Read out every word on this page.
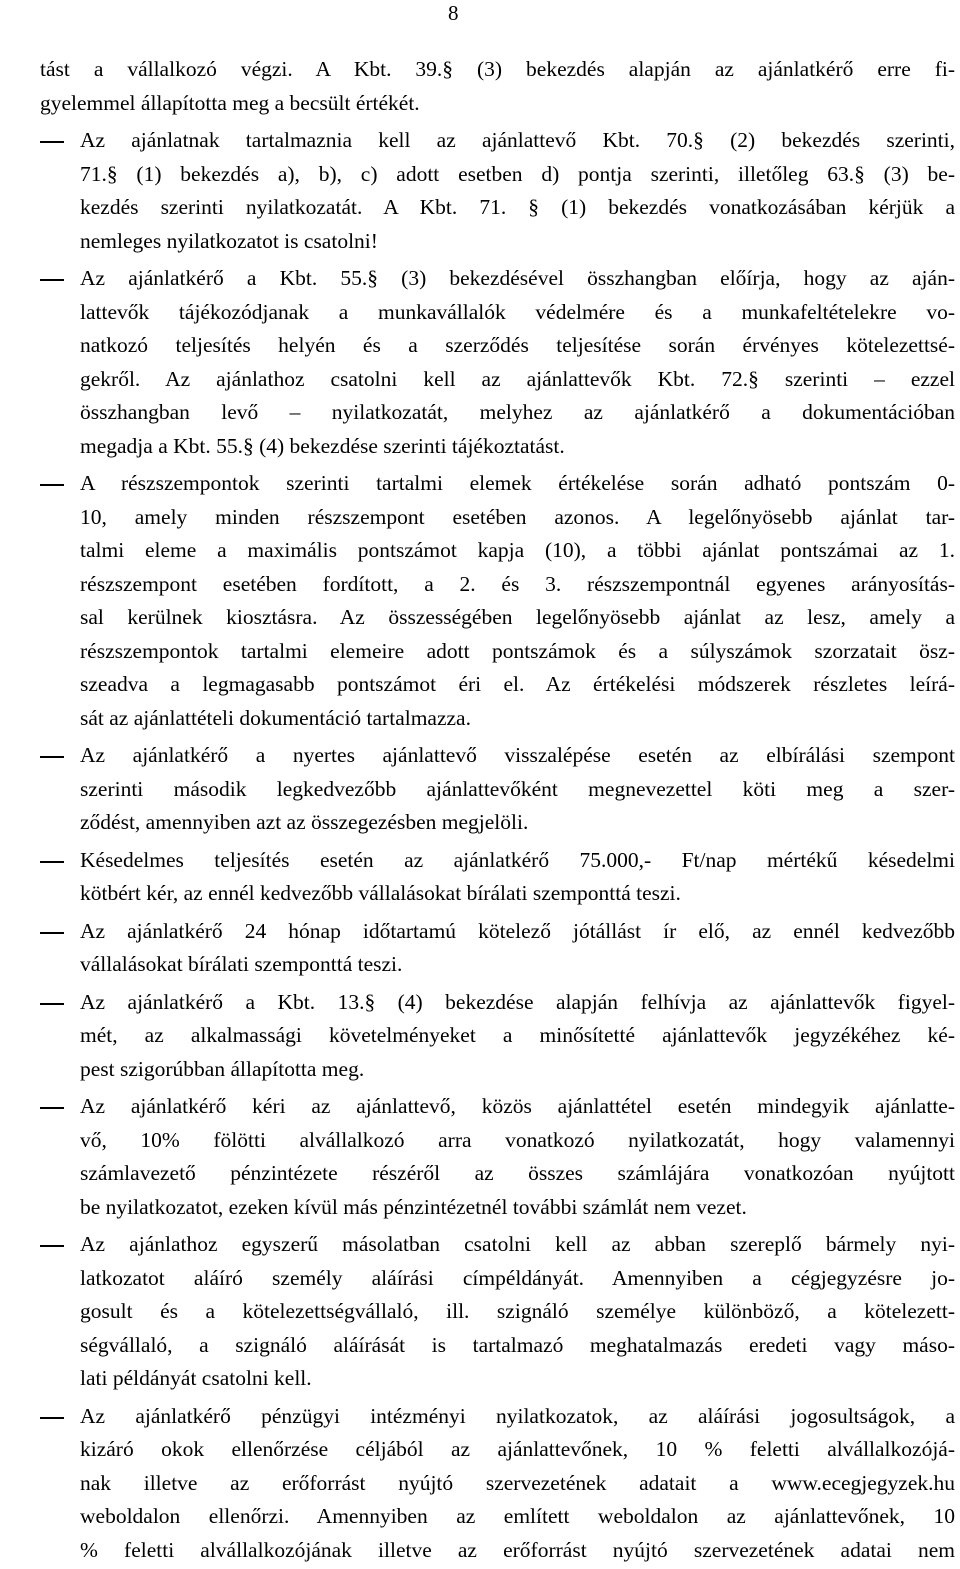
8
tást a vállalkozó végzi. A Kbt. 39.§ (3) bekezdés alapján az ajánlatkérő erre fi-
gyelemmel állapította meg a becsült értékét.
Az ajánlatnak tartalmaznia kell az ajánlattevő Kbt. 70.§ (2) bekezdés szerinti,
71.§ (1) bekezdés a), b), c) adott esetben d) pontja szerinti, illetőleg 63.§ (3) be-
kezdés szerinti nyilatkozatát. A Kbt. 71. § (1) bekezdés vonatkozásában kérjük a
nemleges nyilatkozatot is csatolni!
Az ajánlatkérő a Kbt. 55.§ (3) bekezdésével összhangban előírja, hogy az aján-
lattevők tájékozódjanak a munkavállalók védelmére és a munkafeltételekre vo-
natkozó teljesítés helyén és a szerződés teljesítése során érvényes kötelezettsé-
gekről. Az ajánlathoz csatolni kell az ajánlattevők Kbt. 72.§ szerinti – ezzel
összhangban levő – nyilatkozatát, melyhez az ajánlatkérő a dokumentációban
megadja a Kbt. 55.§ (4) bekezdése szerinti tájékoztatást.
A részszempontok szerinti tartalmi elemek értékelése során adható pontszám 0-
10, amely minden részszempont esetében azonos. A legelőnyösebb ajánlat tar-
talmi eleme a maximális pontszámot kapja (10), a többi ajánlat pontszámai az 1.
részszempont esetében fordított, a 2. és 3. részszempontnál egyenes arányosítás-
sal kerülnek kiosztásra. Az összességében legelőnyösebb ajánlat az lesz, amely a
részszempontok tartalmi elemeire adott pontszámok és a súlyszámok szorzatait ösz-
szeadva a legmagasabb pontszámot éri el. Az értékelési módszerek részletes leírá-
sát az ajánlattételi dokumentáció tartalmazza.
Az ajánlatkérő a nyertes ajánlattevő visszalépése esetén az elbírálási szempont
szerinti második legkedvezőbb ajánlattevőként megnevezettel köti meg a szer-
ződést, amennyiben azt az összegezésben megjelöli.
Késedelmes teljesítés esetén az ajánlatkérő 75.000,- Ft/nap mértékű késedelmi
kötbért kér, az ennél kedvezőbb vállalásokat bírálati szemponttá teszi.
Az ajánlatkérő 24 hónap időtartamú kötelező jótállást ír elő, az ennél kedvezőbb
vállalásokat bírálati szemponttá teszi.
Az ajánlatkérő a Kbt. 13.§ (4) bekezdése alapján felhívja az ajánlattevők figyel-
mét, az alkalmassági követelményeket a minősítetté ajánlattevők jegyzékéhez ké-
pest szigorúbban állapította meg.
Az ajánlatkérő kéri az ajánlattevő, közös ajánlattétel esetén mindegyik ajánlatte-
vő, 10% fölötti alvállalkozó arra vonatkozó nyilatkozatát, hogy valamennyi
számlavezető pénzintézete részéről az összes számlájára vonatkozóan nyújtott
be nyilatkozatot, ezeken kívül más pénzintézetnél további számlát nem vezet.
Az ajánlathoz egyszerű másolatban csatolni kell az abban szereplő bármely nyi-
latkozatot aláíró személy aláírási címpéldányát. Amennyiben a cégjegyzésre jo-
gosult és a kötelezettségvállaló, ill. szignáló személye különböző, a kötelezett-
ségvállaló, a szignáló aláírását is tartalmazó meghatalmazás eredeti vagy máso-
lati példányát csatolni kell.
Az ajánlatkérő pénzügyi intézményi nyilatkozatok, az aláírási jogosultságok, a
kizáró okok ellenőrzése céljából az ajánlattevőnek, 10 % feletti alvállalkozójá-
nak illetve az erőforrást nyújtó szervezetének adatait a www.ecegjegyzek.hu
weboldalon ellenőrzi. Amennyiben az említett weboldalon az ajánlattevőnek, 10
% feletti alvállalkozójának illetve az erőforrást nyújtó szervezetének adatai nem
